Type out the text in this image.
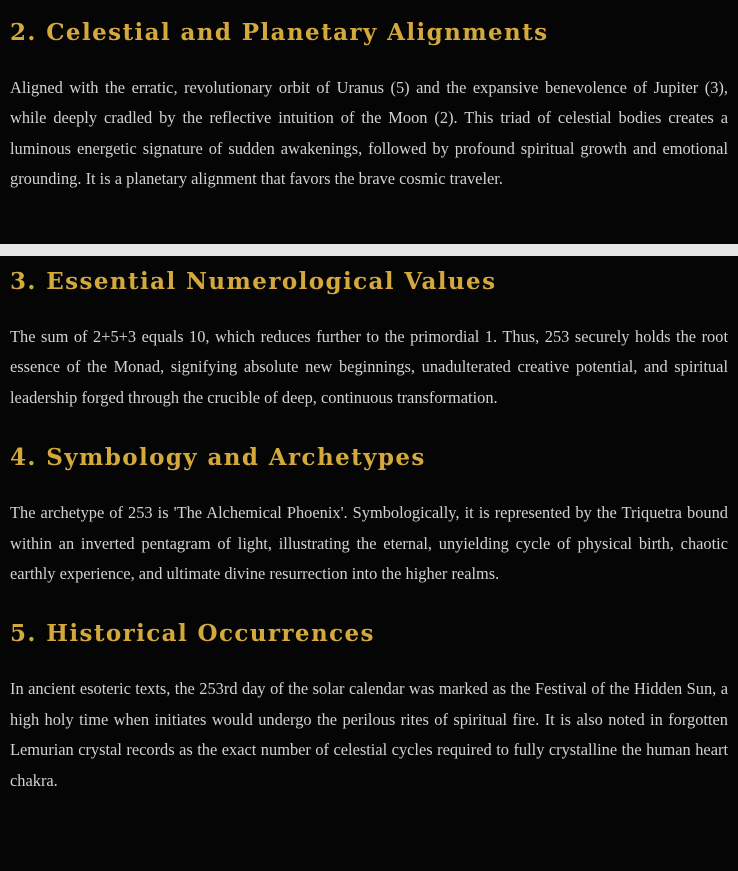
2. Celestial and Planetary Alignments

Aligned with the erratic, revolutionary orbit of Uranus (5) and the expansive benevolence of Jupiter (3), while deeply cradled by the reflective intuition of the Moon (2). This triad of celestial bodies creates a luminous energetic signature of sudden awakenings, followed by profound spiritual growth and emotional grounding. It is a planetary alignment that favors the brave cosmic traveler.

3. Essential Numerological Values

The sum of 2+5+3 equals 10, which reduces further to the primordial 1. Thus, 253 securely holds the root essence of the Monad, signifying absolute new beginnings, unadulterated creative potential, and spiritual leadership forged through the crucible of deep, continuous transformation.

4. Symbology and Archetypes

The archetype of 253 is 'The Alchemical Phoenix'. Symbologically, it is represented by the Triquetra bound within an inverted pentagram of light, illustrating the eternal, unyielding cycle of physical birth, chaotic earthly experience, and ultimate divine resurrection into the higher realms.

5. Historical Occurrences

In ancient esoteric texts, the 253rd day of the solar calendar was marked as the Festival of the Hidden Sun, a high holy time when initiates would undergo the perilous rites of spiritual fire. It is also noted in forgotten Lemurian crystal records as the exact number of celestial cycles required to fully crystalline the human heart chakra.
